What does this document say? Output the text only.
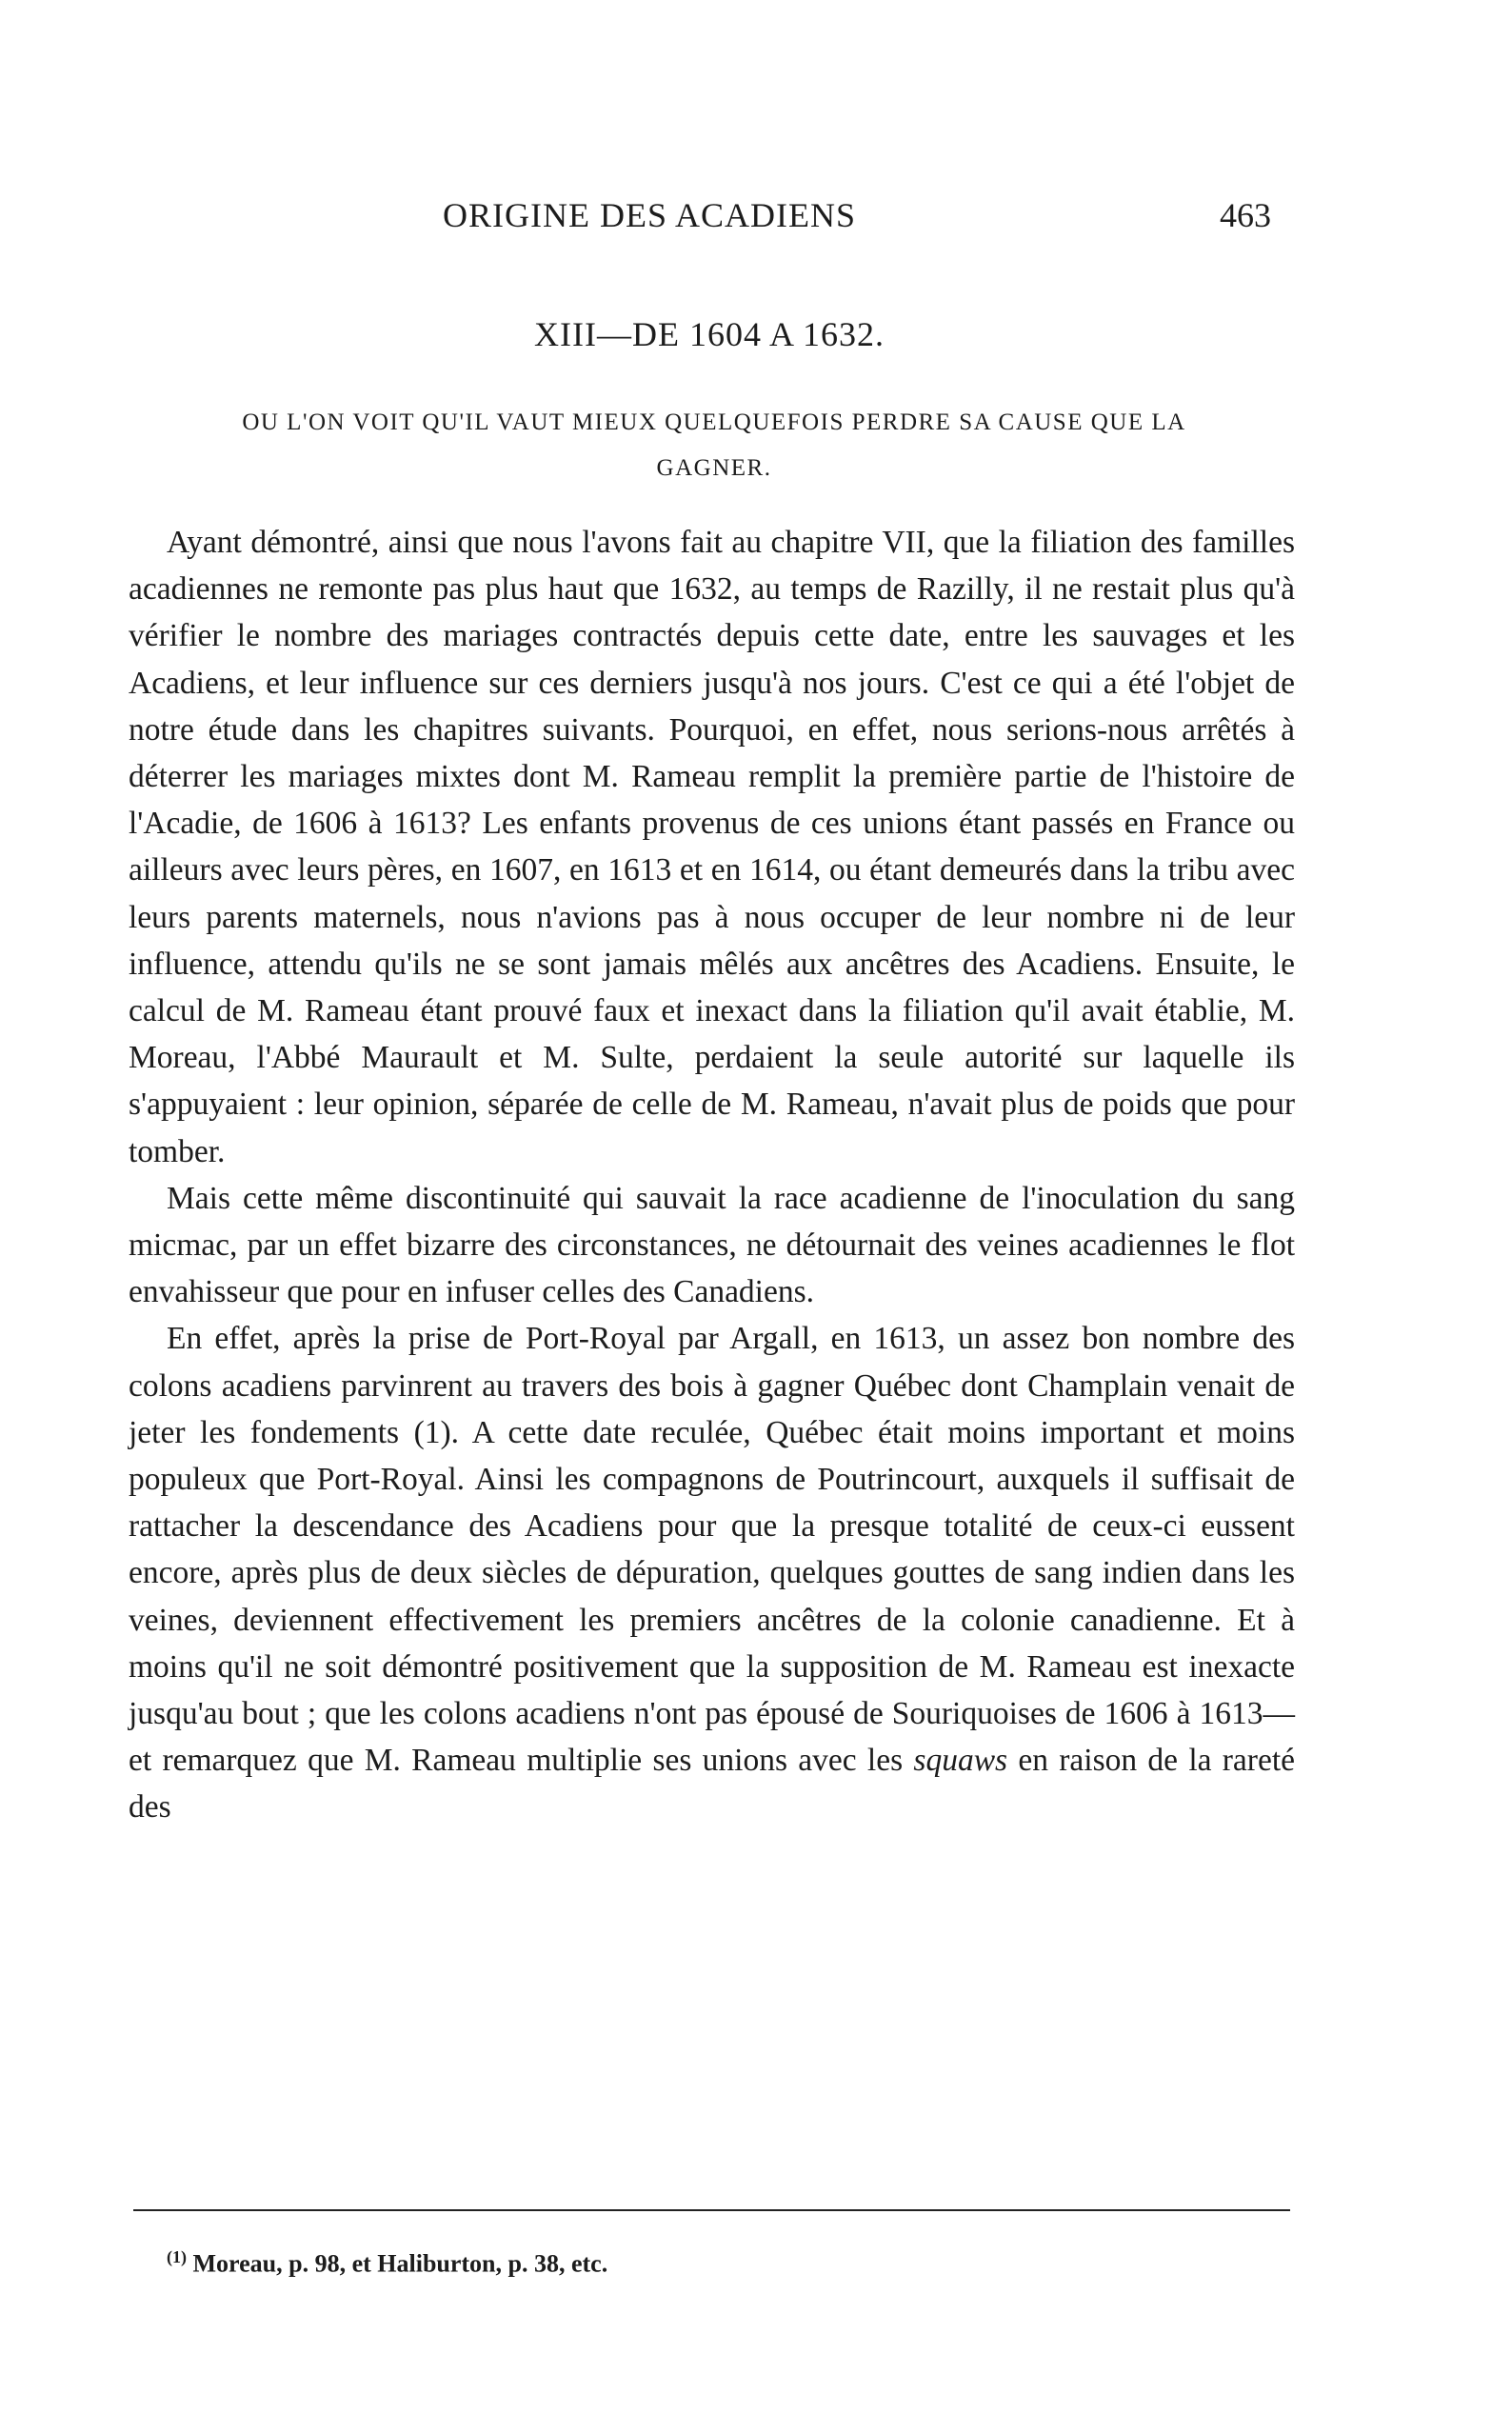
ORIGINE DES ACADIENS	463
XIII—DE 1604 A 1632.
OU L'ON VOIT QU'IL VAUT MIEUX QUELQUEFOIS PERDRE SA CAUSE QUE LA GAGNER.

Ayant démontré, ainsi que nous l'avons fait au chapitre VII, que la filiation des familles acadiennes ne remonte pas plus haut que 1632, au temps de Razilly, il ne restait plus qu'à vérifier le nombre des mariages contractés depuis cette date, entre les sauvages et les Acadiens, et leur influence sur ces derniers jusqu'à nos jours. C'est ce qui a été l'objet de notre étude dans les chapitres suivants. Pourquoi, en effet, nous serions-nous arrêtés à déterrer les mariages mixtes dont M. Rameau remplit la première partie de l'histoire de l'Acadie, de 1606 à 1613? Les enfants provenus de ces unions étant passés en France ou ailleurs avec leurs pères, en 1607, en 1613 et en 1614, ou étant demeurés dans la tribu avec leurs parents maternels, nous n'avions pas à nous occuper de leur nombre ni de leur influence, attendu qu'ils ne se sont jamais mêlés aux ancêtres des Acadiens. Ensuite, le calcul de M. Rameau étant prouvé faux et inexact dans la filiation qu'il avait établie, M. Moreau, l'Abbé Maurault et M. Sulte, perdaient la seule autorité sur laquelle ils s'appuyaient : leur opinion, séparée de celle de M. Rameau, n'avait plus de poids que pour tomber.

Mais cette même discontinuité qui sauvait la race acadienne de l'inoculation du sang micmac, par un effet bizarre des circonstances, ne détournait des veines acadiennes le flot envahisseur que pour en infuser celles des Canadiens.

En effet, après la prise de Port-Royal par Argall, en 1613, un assez bon nombre des colons acadiens parvinrent au travers des bois à gagner Québec dont Champlain venait de jeter les fondements (1). A cette date reculée, Québec était moins important et moins populeux que Port-Royal. Ainsi les compagnons de Poutrincourt, auxquels il suffisait de rattacher la descendance des Acadiens pour que la presque totalité de ceux-ci eussent encore, après plus de deux siècles de dépuration, quelques gouttes de sang indien dans les veines, deviennent effectivement les premiers ancêtres de la colonie canadienne. Et à moins qu'il ne soit démontré positivement que la supposition de M. Rameau est inexacte jusqu'au bout ; que les colons acadiens n'ont pas épousé de Souriquoises de 1606 à 1613—et remarquez que M. Rameau multiplie ses unions avec les squaws en raison de la rareté des

$^{(1)}$ Moreau, p. 98, et Haliburton, p. 38, etc.
